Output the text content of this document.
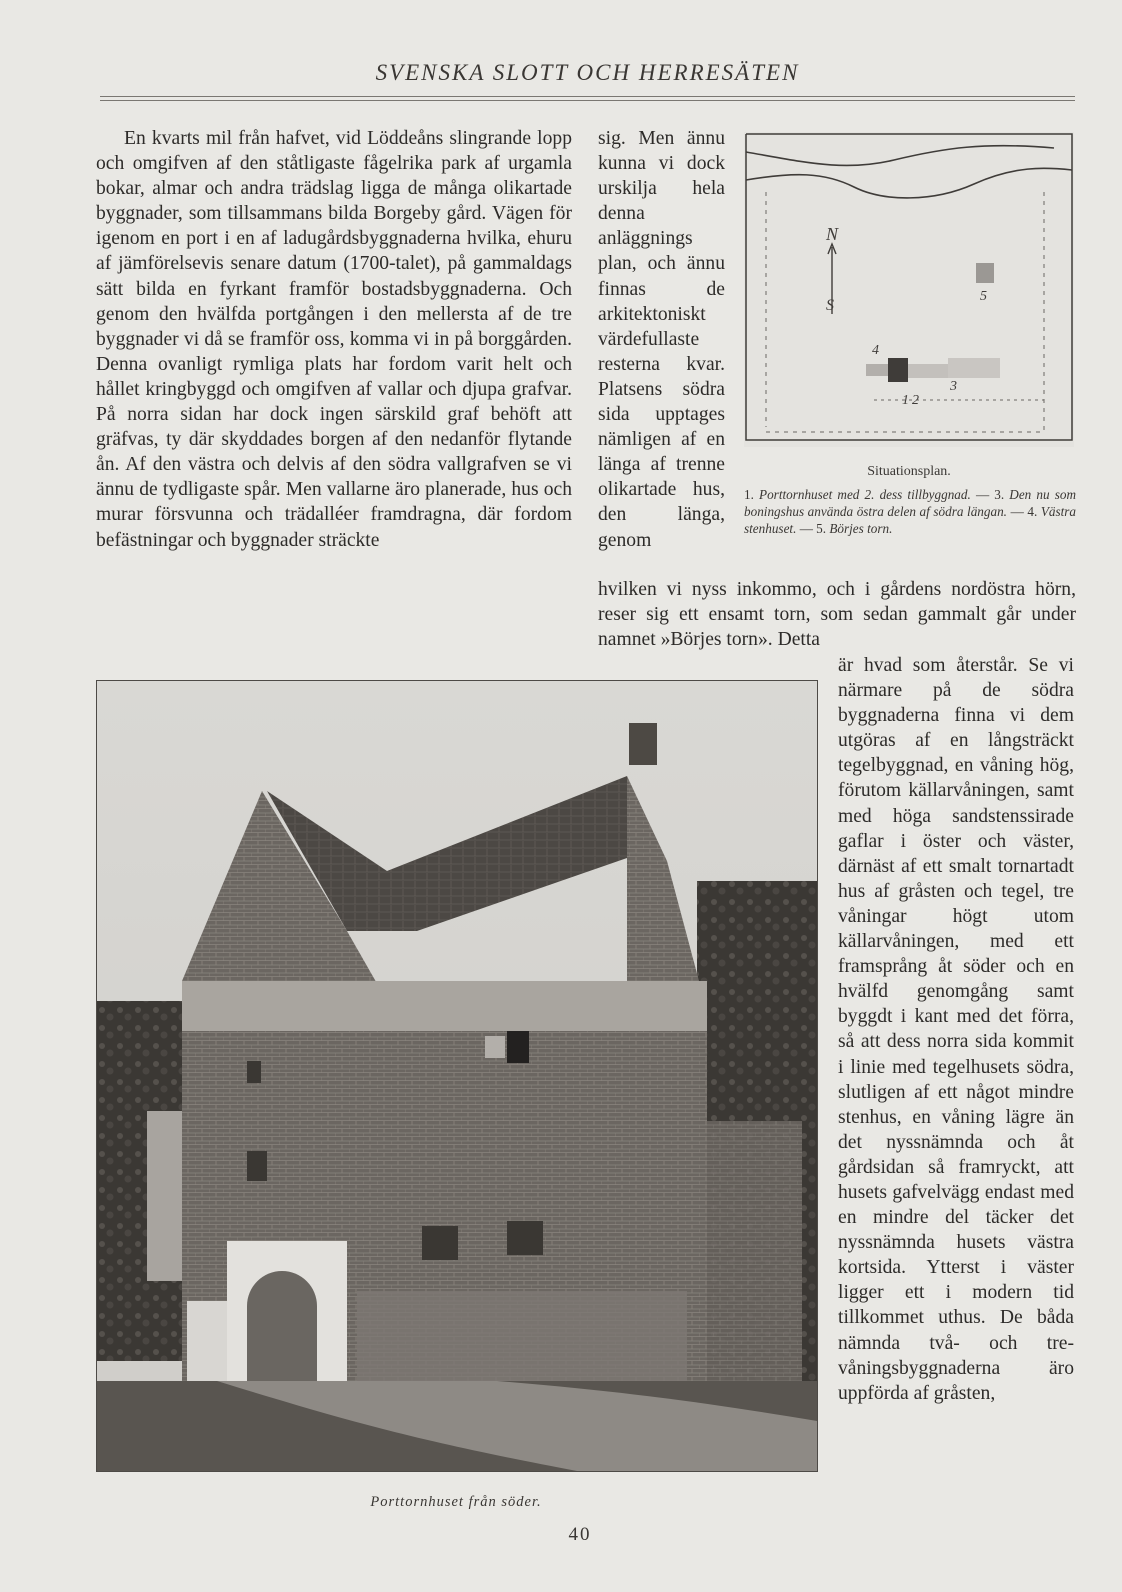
SVENSKA SLOTT OCH HERRESÄTEN

En kvarts mil från hafvet, vid Löddeåns slingrande lopp och omgifven af den ståtligaste fågelrika park af urgamla bokar, almar och andra trädslag ligga de många olikartade byggnader, som tillsammans bilda Borgeby gård. Vägen för igenom en port i en af ladugårdsbyggnaderna hvilka, ehuru af jämförelsevis senare datum (1700-talet), på gammaldags sätt bilda en fyrkant framför bostadsbyggnaderna. Och genom den hvälfda portgången i den mellersta af de tre byggnader vi då se framför oss, komma vi in på borggården. Denna ovanligt rymliga plats har fordom varit helt och hållet kringbyggd och omgifven af vallar och djupa grafvar. På norra sidan har dock ingen särskild graf behöft att gräfvas, ty där skyddades borgen af den nedanför flytande ån. Af den västra och delvis af den södra vallgrafven se vi ännu de tydligaste spår. Men vallarne äro planerade, hus och murar försvunna och trädalléer framdragna, där fordom befästningar och byggnader sträckte

sig. Men ännu kunna vi dock urskilja hela denna anläggnings plan, och ännu finnas de arkitektoniskt värdefullaste resterna kvar. Platsens södra sida upptages nämligen af en länga af trenne olikartade hus, den länga, genom

hvilken vi nyss inkommo, och i gårdens nordöstra hörn, reser sig ett ensamt torn, som sedan gammalt går under namnet »Börjes torn». Detta

är hvad som återstår. Se vi närmare på de södra byggnaderna finna vi dem utgöras af en långsträckt tegelbyggnad, en våning hög, förutom källarvåningen, samt med höga sandstenssirade gaflar i öster och väster, därnäst af ett smalt tornartadt hus af gråsten och tegel, tre våningar högt utom källarvåningen, med ett framsprång åt söder och en hvälfd genomgång samt byggdt i kant med det förra, så att dess norra sida kommit i linie med tegelhusets södra, slutligen af ett något mindre stenhus, en våning lägre än det nyssnämnda och åt gårdsidan så framryckt, att husets gafvelvägg endast med en mindre del täcker det nyssnämnda husets västra kortsida. Ytterst i väster ligger ett i modern tid tillkommet uthus. De båda nämnda två- och tre-våningsbyggnaderna äro uppförda af gråsten,

N
S
5
4
3
1 2
Situationsplan.
1. Porttornhuset med 2. dess tillbyggnad. — 3. Den nu som boningshus använda östra delen af södra längan. — 4. Västra stenhuset. — 5. Börjes torn.
Porttornhuset från söder.
40
